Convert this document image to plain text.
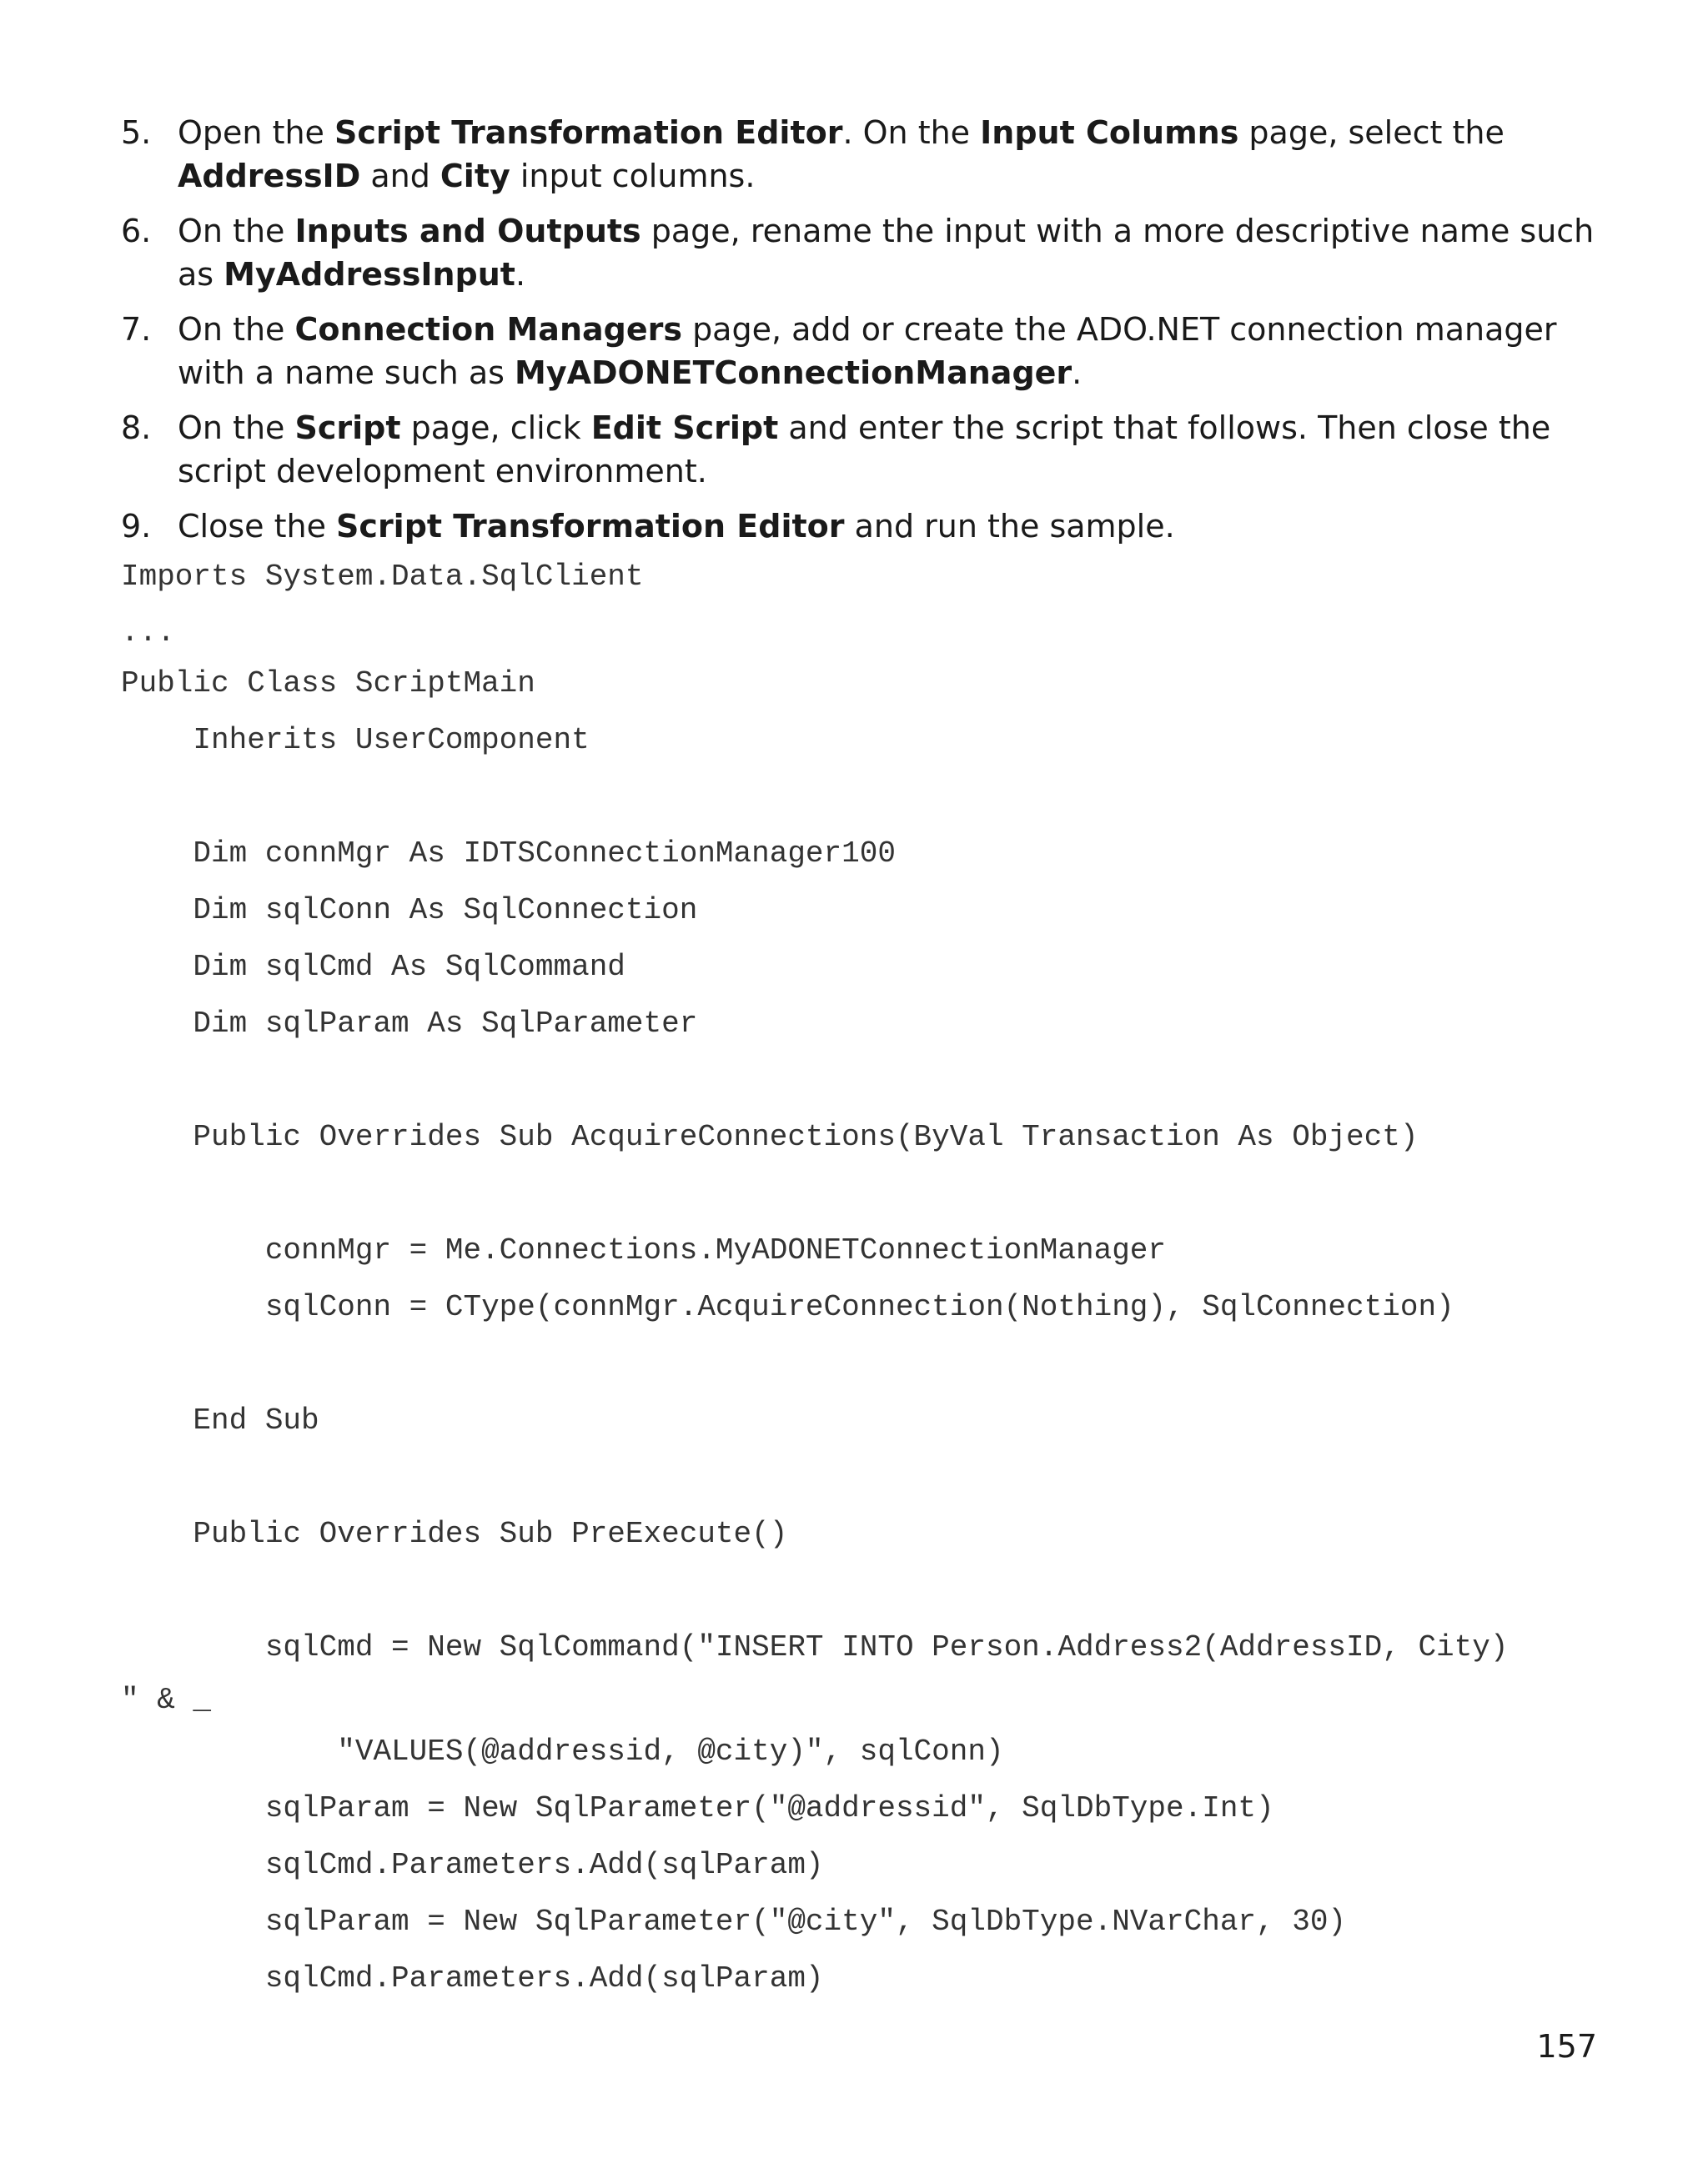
5. Open the Script Transformation Editor. On the Input Columns page, select the AddressID and City input columns.
6. On the Inputs and Outputs page, rename the input with a more descriptive name such as MyAddressInput.
7. On the Connection Managers page, add or create the ADO.NET connection manager with a name such as MyADONETConnectionManager.
8. On the Script page, click Edit Script and enter the script that follows. Then close the script development environment.
9. Close the Script Transformation Editor and run the sample.
Imports System.Data.SqlClient
...
Public Class ScriptMain
Inherits UserComponent
Dim connMgr As IDTSConnectionManager100
Dim sqlConn As SqlConnection
Dim sqlCmd As SqlCommand
Dim sqlParam As SqlParameter
Public Overrides Sub AcquireConnections(ByVal Transaction As Object)
connMgr = Me.Connections.MyADONETConnectionManager
sqlConn = CType(connMgr.AcquireConnection(Nothing), SqlConnection)
End Sub
Public Overrides Sub PreExecute()
sqlCmd = New SqlCommand("INSERT INTO Person.Address2(AddressID, City)
" & _
"VALUES(@addressid, @city)", sqlConn)
sqlParam = New SqlParameter("@addressid", SqlDbType.Int)
sqlCmd.Parameters.Add(sqlParam)
sqlParam = New SqlParameter("@city", SqlDbType.NVarChar, 30)
sqlCmd.Parameters.Add(sqlParam)
157
